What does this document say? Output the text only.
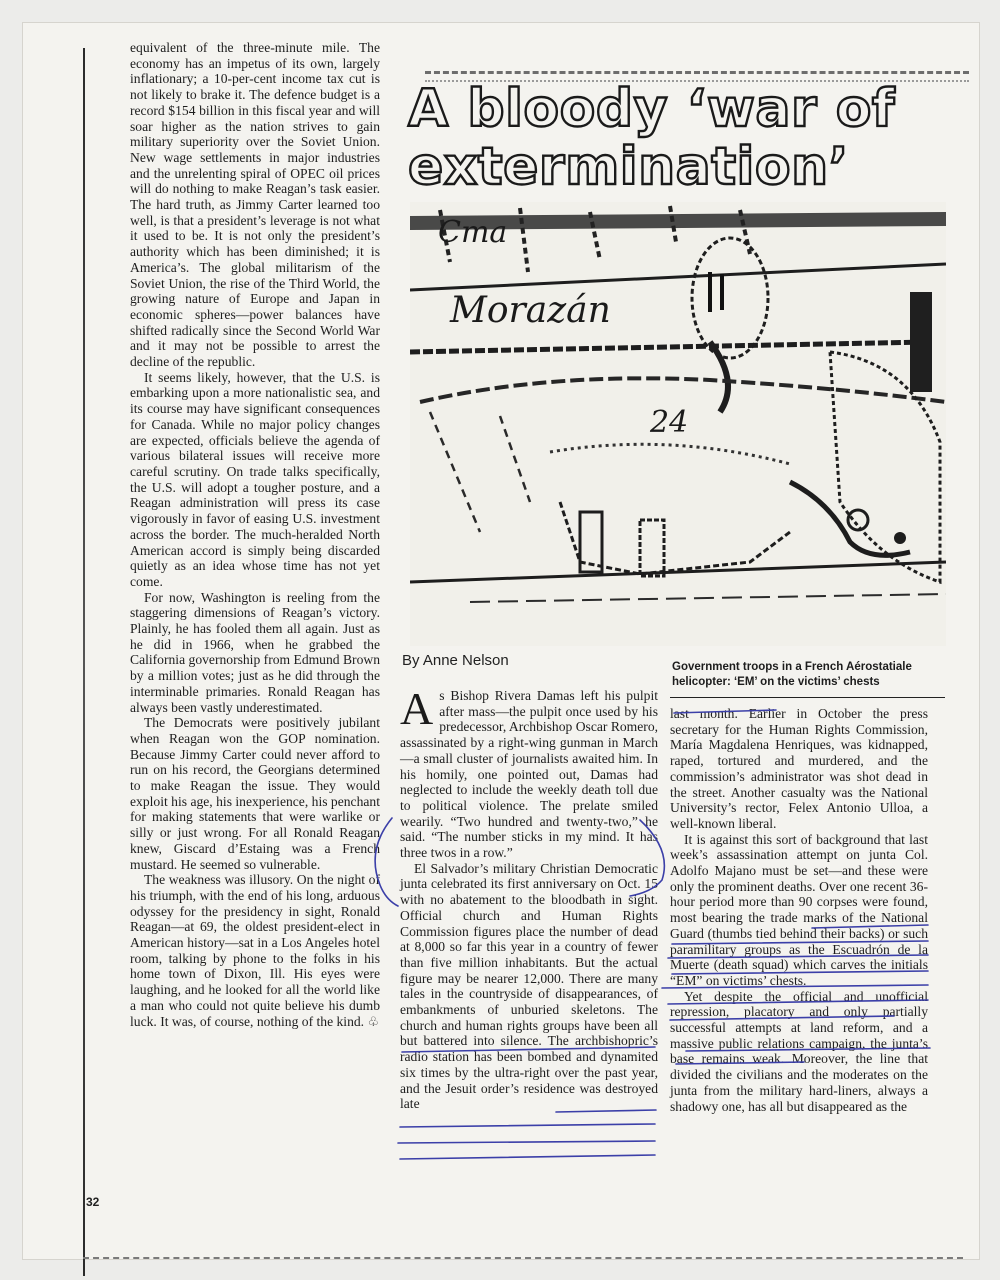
equivalent of the three-minute mile. The economy has an impetus of its own, largely inflationary; a 10-per-cent income tax cut is not likely to brake it. The defence budget is a record $154 billion in this fiscal year and will soar higher as the nation strives to gain military superiority over the Soviet Union. New wage settlements in major industries and the unrelenting spiral of OPEC oil prices will do nothing to make Reagan’s task easier. The hard truth, as Jimmy Carter learned too well, is that a president’s leverage is not what it used to be. It is not only the president’s authority which has been diminished; it is America’s. The global militarism of the Soviet Union, the rise of the Third World, the growing nature of Europe and Japan in economic spheres—power balances have shifted radically since the Second World War and it may not be possible to arrest the decline of the republic.

It seems likely, however, that the U.S. is embarking upon a more nationalistic sea, and its course may have significant consequences for Canada. While no major policy changes are expected, officials believe the agenda of various bilateral issues will receive more careful scrutiny. On trade talks specifically, the U.S. will adopt a tougher posture, and a Reagan administration will press its case vigorously in favor of easing U.S. investment across the border. The much-heralded North American accord is simply being discarded quietly as an idea whose time has not yet come.

For now, Washington is reeling from the staggering dimensions of Reagan’s victory. Plainly, he has fooled them all again. Just as he did in 1966, when he grabbed the California governorship from Edmund Brown by a million votes; just as he did through the interminable primaries. Ronald Reagan has always been vastly underestimated.

The Democrats were positively jubilant when Reagan won the GOP nomination. Because Jimmy Carter could never afford to run on his record, the Georgians determined to make Reagan the issue. They would exploit his age, his inexperience, his penchant for making statements that were warlike or silly or just wrong. For all Ronald Reagan knew, Giscard d’Estaing was a French mustard. He seemed so vulnerable.

The weakness was illusory. On the night of his triumph, with the end of his long, arduous odyssey for the presidency in sight, Ronald Reagan—at 69, the oldest president-elect in American history—sat in a Los Angeles hotel room, talking by phone to the folks in his home town of Dixon, Ill. His eyes were laughing, and he looked for all the world like a man who could not quite believe his dumb luck. It was, of course, nothing of the kind. ♧

A bloody ‘war of
extermination’
Cma
Morazán
24
By Anne Nelson	Government troops in a French Aérostatiale
helicopter: ‘EM’ on the victims’ chests

As Bishop Rivera Damas left his pulpit after mass—the pulpit once used by his predecessor, Archbishop Oscar Romero, assassinated by a right-wing gunman in March—a small cluster of journalists awaited him. In his homily, one pointed out, Damas had neglected to include the weekly death toll due to political violence. The prelate smiled wearily. “Two hundred and twenty-two,” he said. “The number sticks in my mind. It has three twos in a row.”

El Salvador’s military Christian Democratic junta celebrated its first anniversary on Oct. 15 with no abatement to the bloodbath in sight. Official church and Human Rights Commission figures place the number of dead at 8,000 so far this year in a country of fewer than five million inhabitants. But the actual figure may be nearer 12,000. There are many tales in the countryside of disappearances, of embankments of unburied skeletons. The church and human rights groups have been all but battered into silence. The archbishopric’s radio station has been bombed and dynamited six times by the ultra-right over the past year, and the Jesuit order’s residence was destroyed late

last month. Earlier in October the press secretary for the Human Rights Commission, María Magdalena Henriques, was kidnapped, raped, tortured and murdered, and the commission’s administrator was shot dead in the street. Another casualty was the National University’s rector, Felex Antonio Ulloa, a well-known liberal.

It is against this sort of background that last week’s assassination attempt on junta Col. Adolfo Majano must be set—and these were only the prominent deaths. Over one recent 36-hour period more than 90 corpses were found, most bearing the trade marks of the National Guard (thumbs tied behind their backs) or such paramilitary groups as the Escuadrón de la Muerte (death squad) which carves the initials “EM” on victims’ chests.

Yet despite the official and unofficial repression, placatory and only partially successful attempts at land reform, and a massive public relations campaign, the junta’s base remains weak. Moreover, the line that divided the civilians and the moderates on the junta from the military hard-liners, always a shadowy one, has all but disappeared as the

32
